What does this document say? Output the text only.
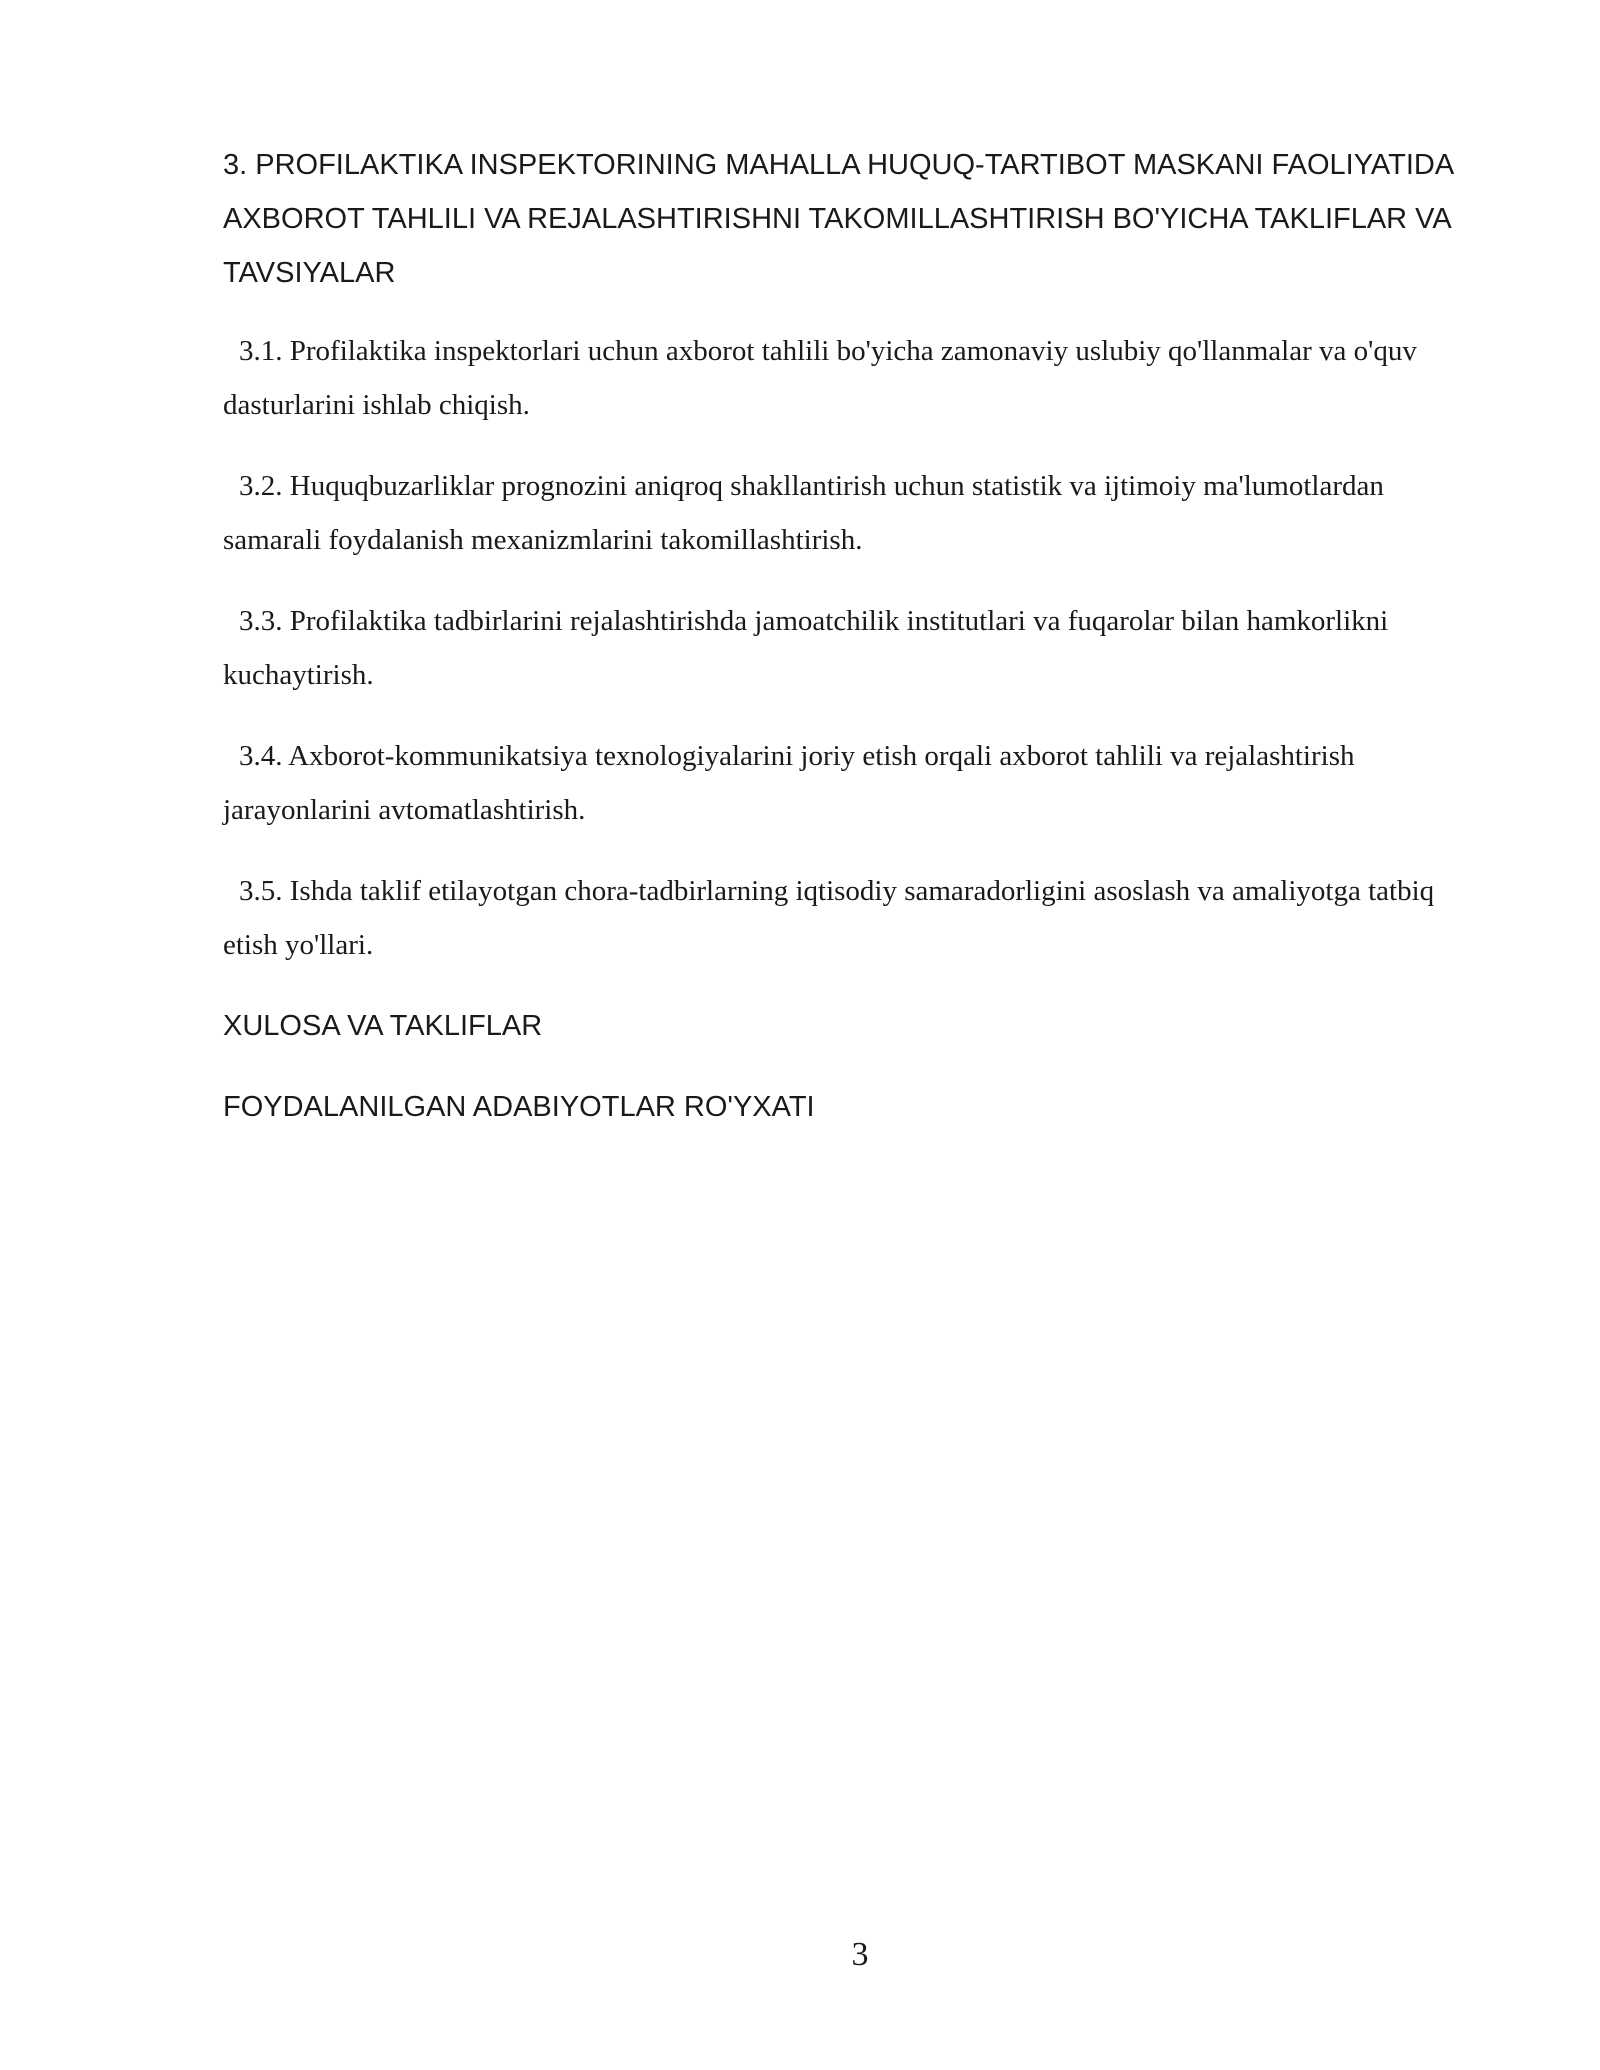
3. PROFILAKTIKA INSPEKTORINING MAHALLA HUQUQ-TARTIBOT MASKANI FAOLIYATIDA AXBOROT TAHLILI VA REJALASHTIRISHNI TAKOMILLASHTIRISH BO'YICHA TAKLIFLAR VA TAVSIYALAR

3.1. Profilaktika inspektorlari uchun axborot tahlili bo'yicha zamonaviy uslubiy qo'llanmalar va o'quv dasturlarini ishlab chiqish.

3.2. Huquqbuzarliklar prognozini aniqroq shakllantirish uchun statistik va ijtimoiy ma'lumotlardan samarali foydalanish mexanizmlarini takomillashtirish.

3.3. Profilaktika tadbirlarini rejalashtirishda jamoatchilik institutlari va fuqarolar bilan hamkorlikni kuchaytirish.

3.4. Axborot-kommunikatsiya texnologiyalarini joriy etish orqali axborot tahlili va rejalashtirish jarayonlarini avtomatlashtirish.

3.5. Ishda taklif etilayotgan chora-tadbirlarning iqtisodiy samaradorligini asoslash va amaliyotga tatbiq etish yo'llari.

XULOSA VA TAKLIFLAR

FOYDALANILGAN ADABIYOTLAR RO'YXATI

3
